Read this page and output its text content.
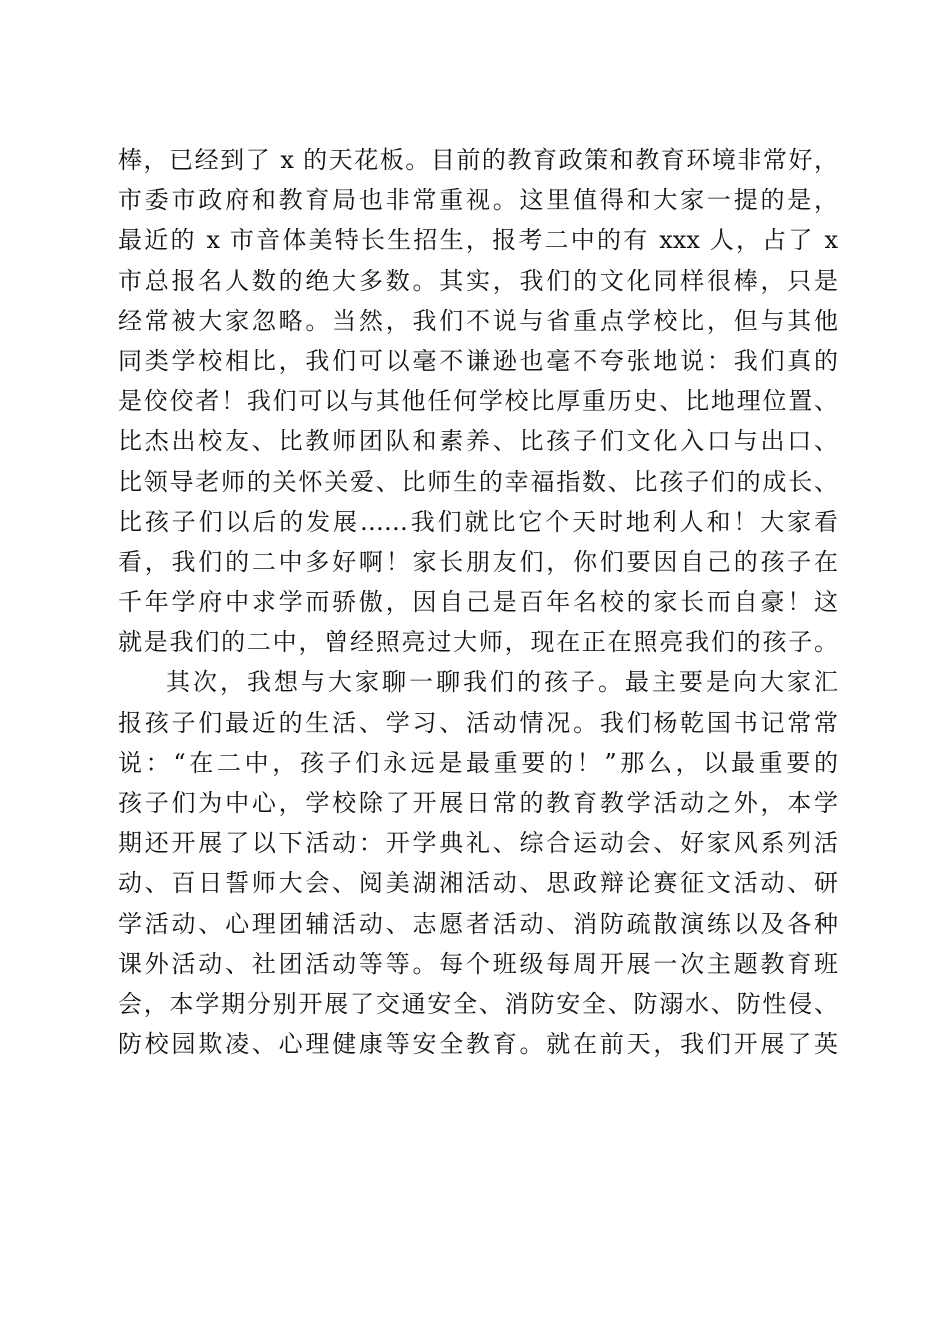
棒，已经到了 x 的天花板。目前的教育政策和教育环境非常好，
市委市政府和教育局也非常重视。这里值得和大家一提的是，
最近的 x 市音体美特长生招生，报考二中的有 xxx 人，占了 x
市总报名人数的绝大多数。其实，我们的文化同样很棒，只是
经常被大家忽略。当然，我们不说与省重点学校比，但与其他
同类学校相比，我们可以毫不谦逊也毫不夸张地说：我们真的
是佼佼者！我们可以与其他任何学校比厚重历史、比地理位置、
比杰出校友、比教师团队和素养、比孩子们文化入口与出口、
比领导老师的关怀关爱、比师生的幸福指数、比孩子们的成长、
比孩子们以后的发展……我们就比它个天时地利人和！大家看
看，我们的二中多好啊！家长朋友们，你们要因自己的孩子在
千年学府中求学而骄傲，因自己是百年名校的家长而自豪！这
就是我们的二中，曾经照亮过大师，现在正在照亮我们的孩子。
其次，我想与大家聊一聊我们的孩子。最主要是向大家汇
报孩子们最近的生活、学习、活动情况。我们杨乾国书记常常
说：“在二中，孩子们永远是最重要的！”那么，以最重要的
孩子们为中心，学校除了开展日常的教育教学活动之外，本学
期还开展了以下活动：开学典礼、综合运动会、好家风系列活
动、百日誓师大会、阅美湖湘活动、思政辩论赛征文活动、研
学活动、心理团辅活动、志愿者活动、消防疏散演练以及各种
课外活动、社团活动等等。每个班级每周开展一次主题教育班
会，本学期分别开展了交通安全、消防安全、防溺水、防性侵、
防校园欺凌、心理健康等安全教育。就在前天，我们开展了英
